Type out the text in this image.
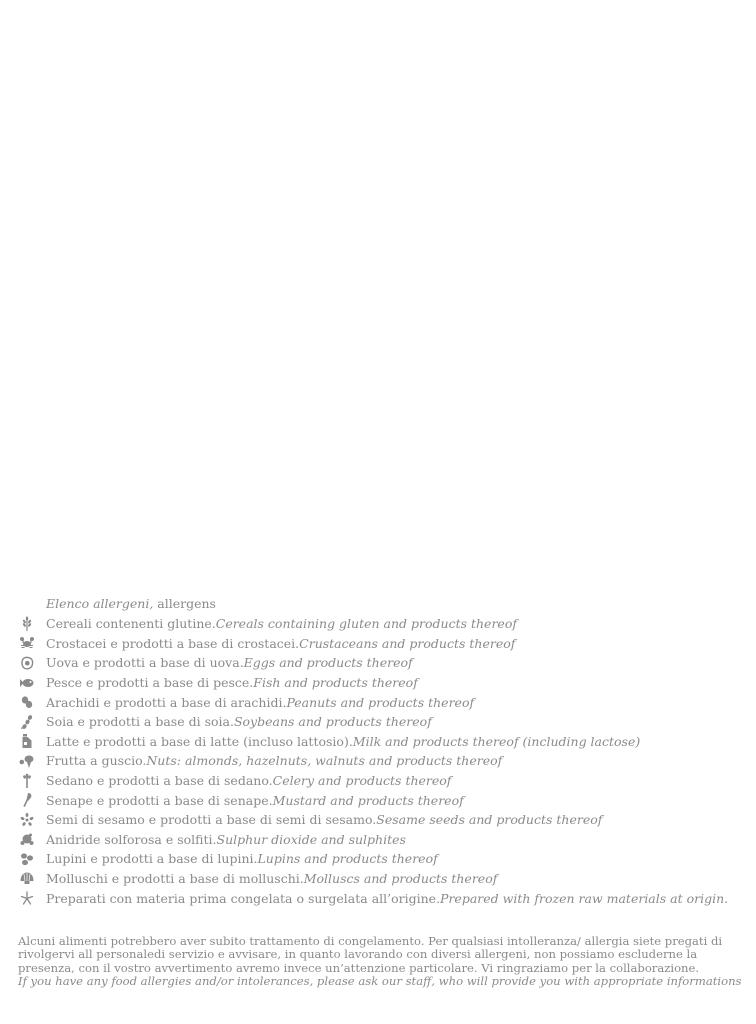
Elenco allergeni, allergens
Cereali contenenti glutine. Cereals containing gluten and products thereof
Crostacei e prodotti a base di crostacei. Crustaceans and products thereof
Uova e prodotti a base di uova. Eggs and products thereof
Pesce e prodotti a base di pesce. Fish and products thereof
Arachidi e prodotti a base di arachidi. Peanuts and products thereof
Soia e prodotti a base di soia. Soybeans and products thereof
Latte e prodotti a base di latte (incluso lattosio). Milk and products thereof (including lactose)
Frutta a guscio. Nuts: almonds, hazelnuts, walnuts and products thereof
Sedano e prodotti a base di sedano. Celery and products thereof
Senape e prodotti a base di senape. Mustard and products thereof
Semi di sesamo e prodotti a base di semi di sesamo. Sesame seeds and products thereof
Anidride solforosa e solfiti. Sulphur dioxide and sulphites
Lupini e prodotti a base di lupini. Lupins and products thereof
Molluschi e prodotti a base di molluschi. Molluscs and products thereof
Preparati con materia prima congelata o surgelata all’origine. Prepared with frozen raw materials at origin.
Alcuni alimenti potrebbero aver subito trattamento di congelamento. Per qualsiasi intolleranza/ allergia siete pregati di
rivolgervi all personaledi servizio e avvisare, in quanto lavorando con diversi allergeni, non possiamo escluderne la
presenza, con il vostro avvertimento avremo invece un’attenzione particolare. Vi ringraziamo per la collaborazione.
If you have any food allergies and/or intolerances, please ask our staff, who will provide you with appropriate informations
